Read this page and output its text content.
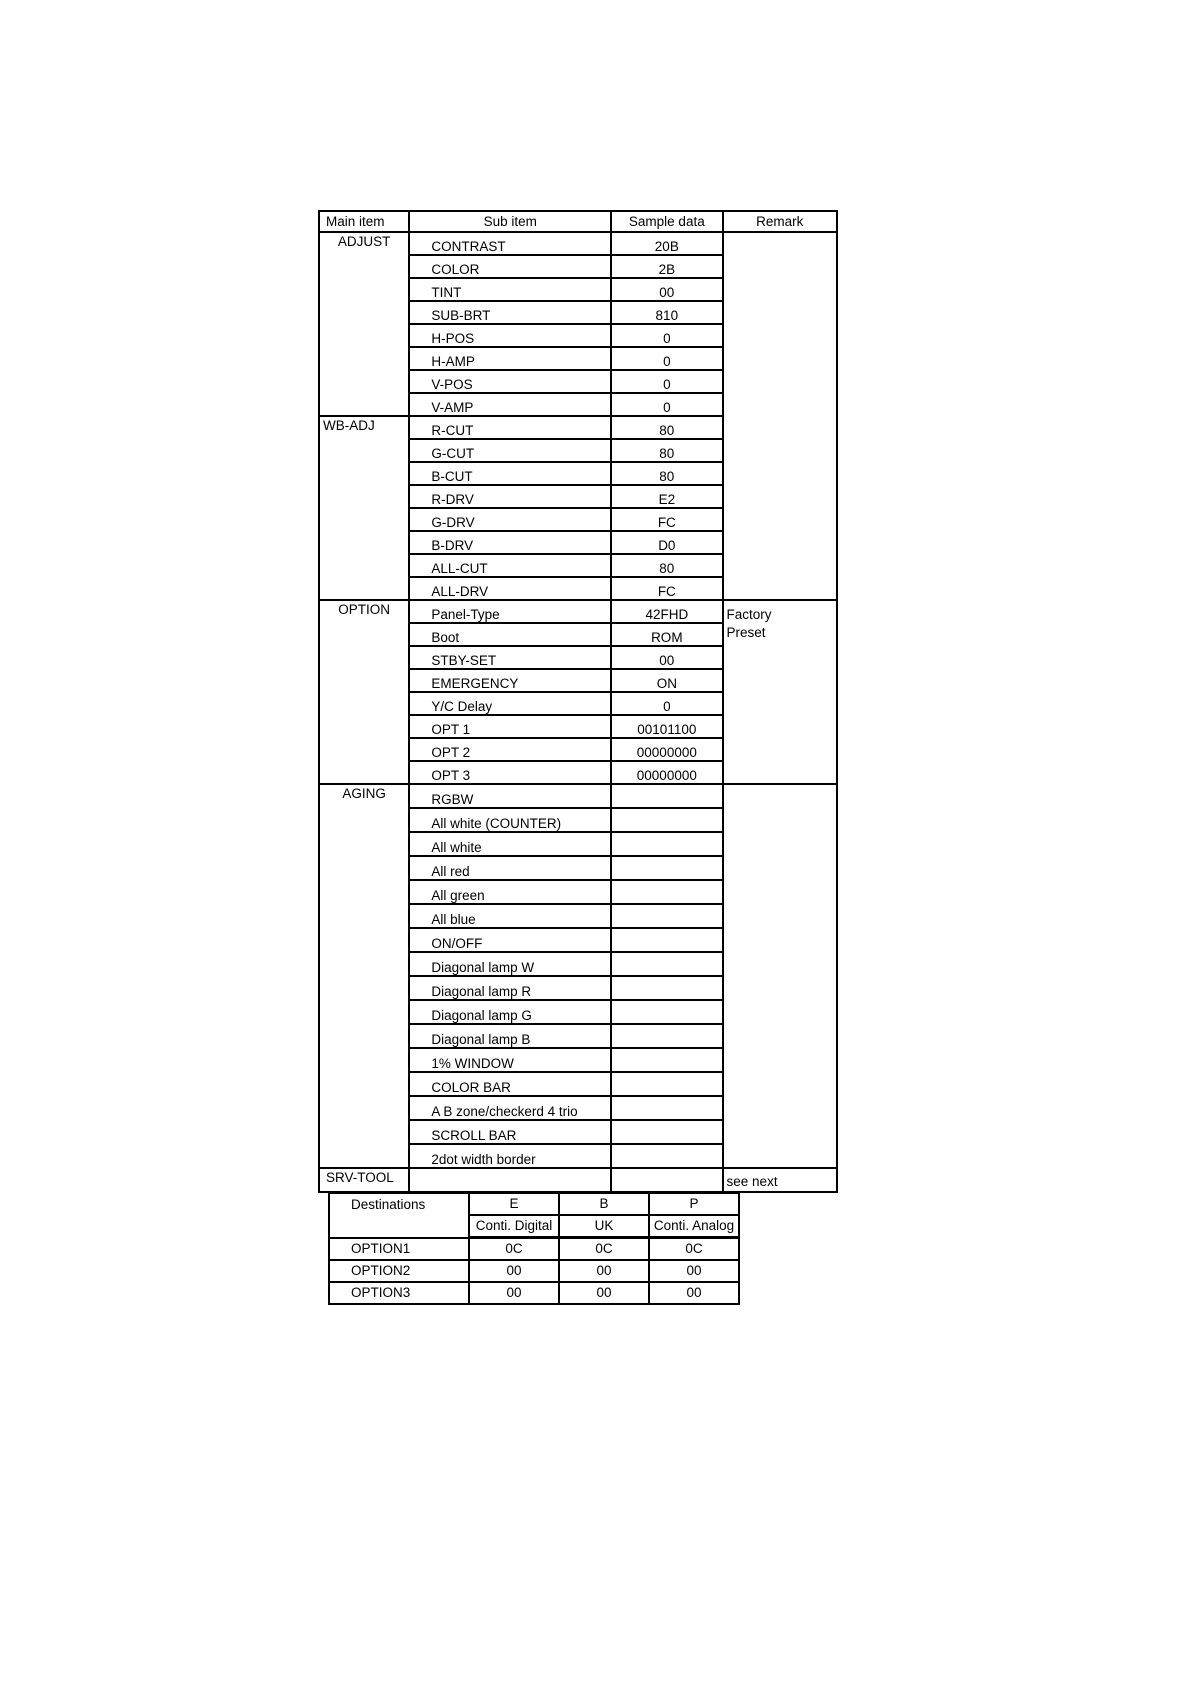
Main item	Sub item	Sample data	Remark
ADJUST	CONTRAST	20B	
	COLOR	2B	
	TINT	00	
	SUB-BRT	810	
	H-POS	0	
	H-AMP	0	
	V-POS	0	
	V-AMP	0	
WB-ADJ	R-CUT	80	
	G-CUT	80	
	B-CUT	80	
	R-DRV	E2	
	G-DRV	FC	
	B-DRV	D0	
	ALL-CUT	80	
	ALL-DRV	FC	
OPTION	Panel-Type	42FHD	Factory
Preset
	Boot	ROM	
	STBY-SET	00	
	EMERGENCY	ON	
	Y/C Delay	0	
	OPT 1	00101100	
	OPT 2	00000000	
	OPT 3	00000000	
AGING	RGBW		
	All white (COUNTER)		
	All white		
	All red		
	All green		
	All blue		
	ON/OFF		
	Diagonal lamp W		
	Diagonal lamp R		
	Diagonal lamp G		
	Diagonal lamp B		
	1% WINDOW		
	COLOR BAR		
	A B zone/checkerd 4 trio		
	SCROLL BAR		
	2dot width border		
SRV-TOOL			see next
Destinations	E	B	P
	Conti. Digital	UK	Conti. Analog
OPTION1	0C	0C	0C
OPTION2	00	00	00
OPTION3	00	00	00
